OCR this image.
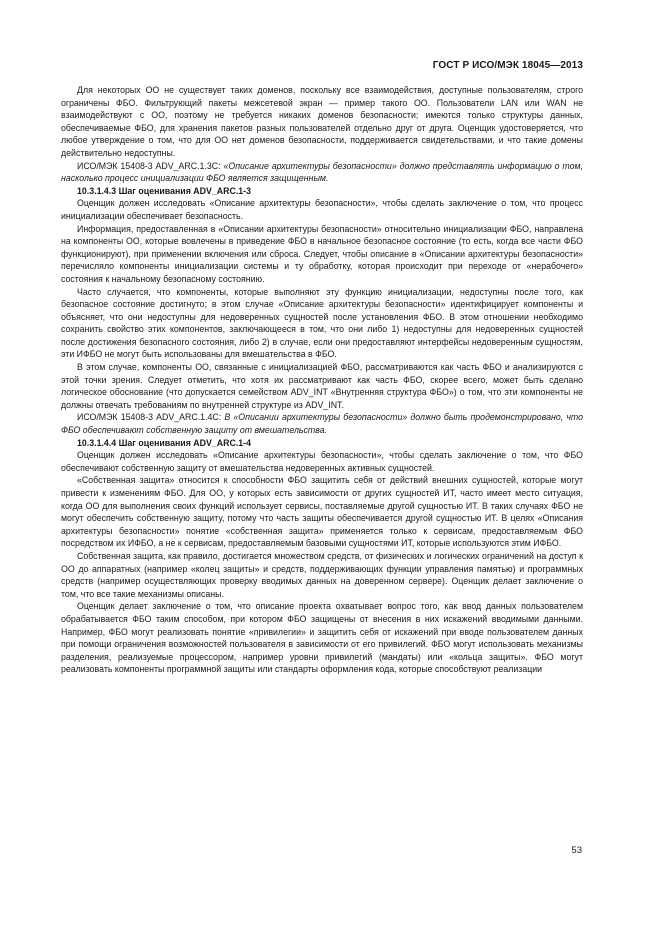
ГОСТ Р ИСО/МЭК 18045—2013

Для некоторых ОО не существует таких доменов, поскольку все взаимодействия, доступные пользователям, строго ограничены ФБО. Фильтрующий пакеты межсетевой экран — пример такого ОО. Пользователи LAN или WAN не взаимодействуют с ОО, поэтому не требуется никаких доменов безопасности; имеются только структуры данных, обеспечиваемые ФБО, для хранения пакетов разных пользователей отдельно друг от друга. Оценщик удостоверяется, что любое утверждение о том, что для ОО нет доменов безопасности, поддерживается свидетельствами, и что такие домены действительно недоступны.

ИСО/МЭК 15408-3 ADV_ARC.1.3C: «Описание архитектуры безопасности» должно представлять информацию о том, насколько процесс инициализации ФБО является защищенным.

10.3.1.4.3 Шаг оценивания ADV_ARC.1-3

Оценщик должен исследовать «Описание архитектуры безопасности», чтобы сделать заключение о том, что процесс инициализации обеспечивает безопасность.

Информация, предоставленная в «Описании архитектуры безопасности» относительно инициализации ФБО, направлена на компоненты ОО, которые вовлечены в приведение ФБО в начальное безопасное состояние (то есть, когда все части ФБО функционируют), при применении включения или сброса. Следует, чтобы описание в «Описании архитектуры безопасности» перечисляло компоненты инициализации системы и ту обработку, которая происходит при переходе от «нерабочего» состояния к начальному безопасному состоянию.

Часто случается, что компоненты, которые выполняют эту функцию инициализации, недоступны после того, как безопасное состояние достигнуто; в этом случае «Описание архитектуры безопасности» идентифицирует компоненты и объясняет, что они недоступны для недоверенных сущностей после установления ФБО. В этом отношении необходимо сохранить свойство этих компонентов, заключающееся в том, что они либо 1) недоступны для недоверенных сущностей после достижения безопасного состояния, либо 2) в случае, если они предоставляют интерфейсы недоверенным сущностям, эти ИФБО не могут быть использованы для вмешательства в ФБО.

В этом случае, компоненты ОО, связанные с инициализацией ФБО, рассматриваются как часть ФБО и анализируются с этой точки зрения. Следует отметить, что хотя их рассматривают как часть ФБО, скорее всего, может быть сделано логическое обоснование (что допускается семейством ADV_INT «Внутренняя структура ФБО») о том, что эти компоненты не должны отвечать требованиям по внутренней структуре из ADV_INT.

ИСО/МЭК 15408-3 ADV_ARC.1.4C: В «Описании архитектуры безопасности» должно быть продемонстрировано, что ФБО обеспечивают собственную защиту от вмешательства.

10.3.1.4.4 Шаг оценивания ADV_ARC.1-4

Оценщик должен исследовать «Описание архитектуры безопасности», чтобы сделать заключение о том, что ФБО обеспечивают собственную защиту от вмешательства недоверенных активных сущностей.

«Собственная защита» относится к способности ФБО защитить себя от действий внешних сущностей, которые могут привести к изменениям ФБО. Для ОО, у которых есть зависимости от других сущностей ИТ, часто имеет место ситуация, когда ОО для выполнения своих функций использует сервисы, поставляемые другой сущностью ИТ. В таких случаях ФБО не могут обеспечить собственную защиту, потому что часть защиты обеспечивается другой сущностью ИТ. В целях «Описания архитектуры безопасности» понятие «собственная защита» применяется только к сервисам, предоставляемым ФБО посредством их ИФБО, а не к сервисам, предоставляемым базовыми сущностями ИТ, которые используются этим ИФБО.

Собственная защита, как правило, достигается множеством средств, от физических и логических ограничений на доступ к ОО до аппаратных (например «колец защиты» и средств, поддерживающих функции управления памятью) и программных средств (например осуществляющих проверку вводимых данных на доверенном сервере). Оценщик делает заключение о том, что все такие механизмы описаны.

Оценщик делает заключение о том, что описание проекта охватывает вопрос того, как ввод данных пользователем обрабатывается ФБО таким способом, при котором ФБО защищены от внесения в них искажений вводимыми данными. Например, ФБО могут реализовать понятие «привилегии» и защитить себя от искажений при вводе пользователем данных при помощи ограничения возможностей пользователя в зависимости от его привилегий. ФБО могут использовать механизмы разделения, реализуемые процессором, например уровни привилегий (мандаты) или «кольца защиты». ФБО могут реализовать компоненты программной защиты или стандарты оформления кода, которые способствуют реализации

53
